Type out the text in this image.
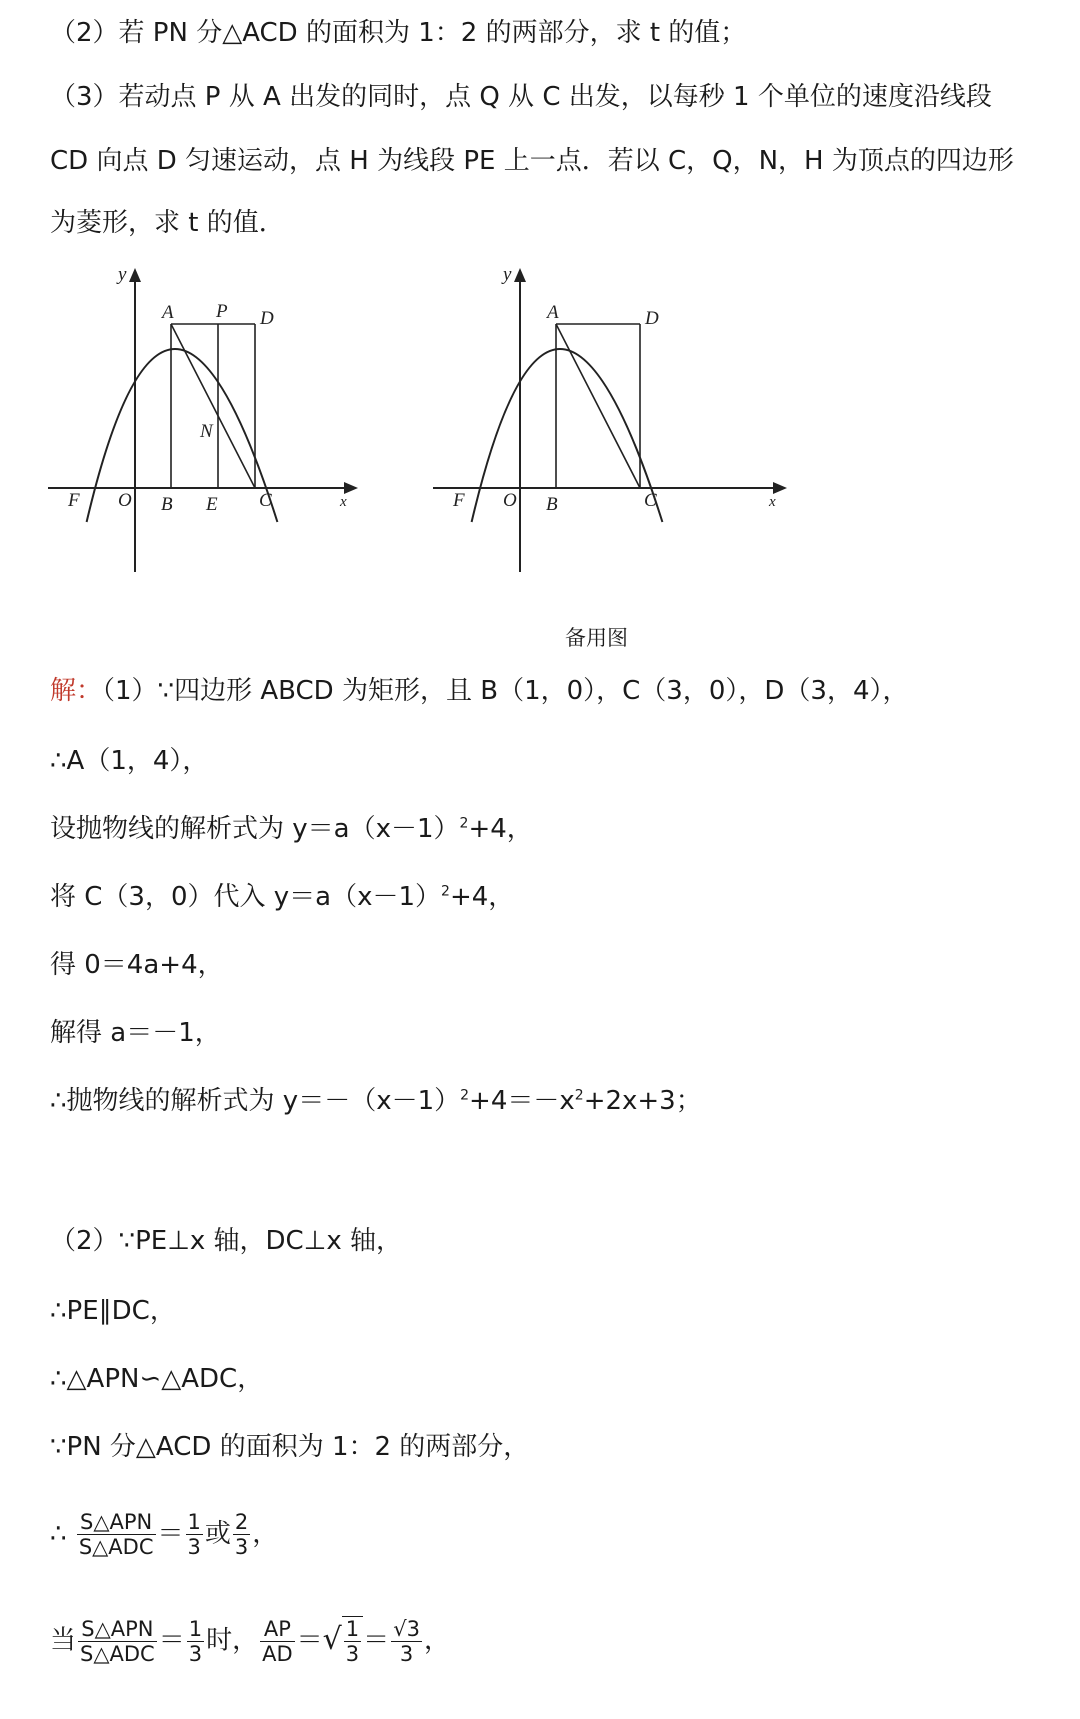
（2）若 PN 分△ACD 的面积为 1：2 的两部分，求 t 的值；
（3）若动点 P 从 A 出发的同时，点 Q 从 C 出发，以每秒 1 个单位的速度沿线段
CD 向点 D 匀速运动，点 H 为线段 PE 上一点．若以 C，Q，N，H 为顶点的四边形
为菱形，求 t 的值．
y
A P D
N
F O B E C	x
y
A	D
F O B	C	x
备用图
解：（1）∵四边形 ABCD 为矩形，且 B（1，0），C（3，0），D（3，4），
∴A（1，4），
设抛物线的解析式为 $y=a(x-1)^2+4$，
将 C（3，0）代入 $y=a(x-1)^2+4$，
得 0＝4a+4，
解得 a＝－1，
∴抛物线的解析式为 $y=-(x-1)^2+4=-x^2+2x+3$；
（2）∵PE⊥x 轴，DC⊥x 轴，
∴PE∥DC，
∴△APN∽△ADC，
∵PN 分△ACD 的面积为 1：2 的两部分，
∴ $\frac{\text{S△APN}}{\text{S△ADC}} = \frac{1}{3}$ 或 $\frac{2}{3}$ ，
当 $\frac{\text{S△APN}}{\text{S△ADC}} = \frac{1}{3}$ 时， $\frac{AP}{AD}$ ＝√ $\frac{1}{3} = \frac{√3}{3}$ ，
